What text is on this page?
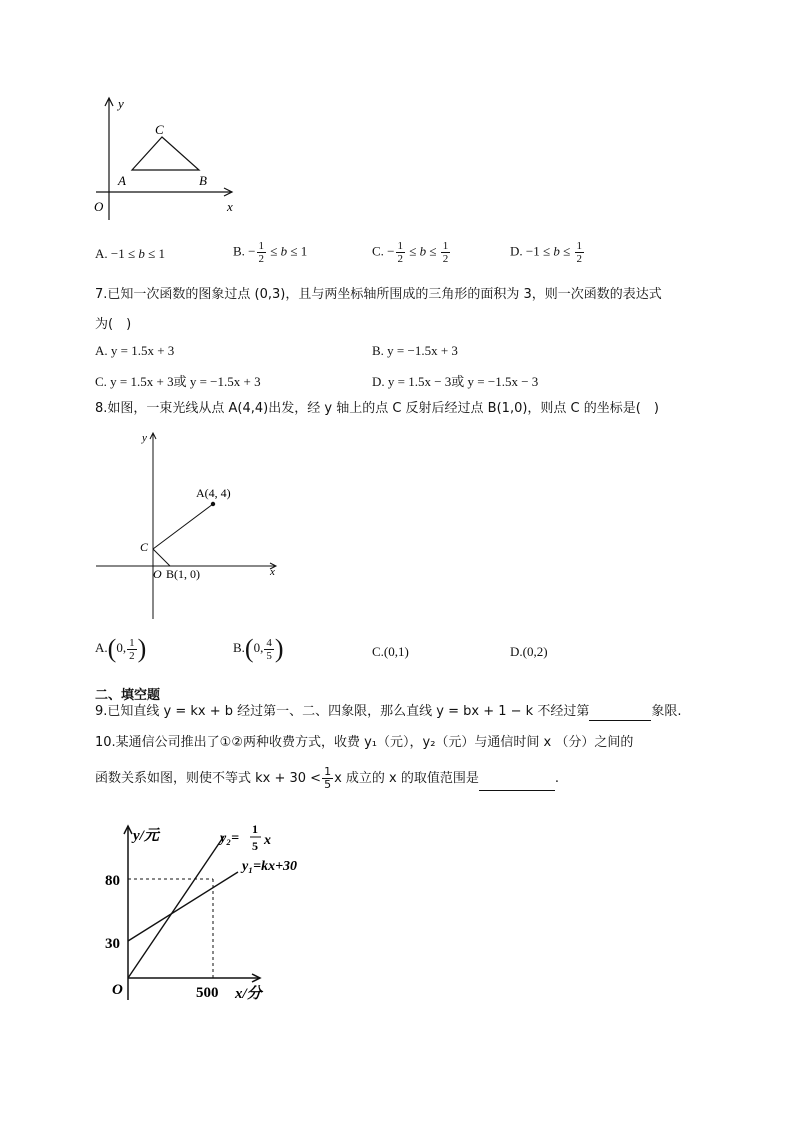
y
x
O
A	B
C
A. −1 ≤ b ≤ 1	B. − $\frac{1}{2} \le b \le 1$	C. − $\frac{1}{2} \le b \le \frac{1}{2}$	D. $-1 \le b \le \frac{1}{2}$
7.已知一次函数的图象过点 (0,3)，且与两坐标轴所围成的三角形的面积为 3，则一次函数的表达式
为(　)
A. y = 1.5x + 3	B. y = −1.5x + 3
C. y = 1.5x + 3或 y = −1.5x + 3	D. y = 1.5x − 3或 y = −1.5x − 3
8.如图，一束光线从点 A(4,4)出发，经 y 轴上的点 C 反射后经过点 B(1,0)，则点 C 的坐标是(　)
y
x
A(4, 4)
C
O B(1, 0)
A.(0, $\frac{1}{2}$ )	B.(0, $\frac{4}{5}$ )	C.(0,1)	D.(0,2)
二、填空题
9.已知直线 y = kx + b 经过第一、二、四象限，那么直线 y = bx + 1 − k 不经过第	象限.
10.某通信公司推出了①②两种收费方式，收费 y₁（元），y₂（元）与通信时间 x （分）之间的
函数关系如图，则使不等式 kx + $30 < \frac{1}{5}$ x 成立的 x 的取值范围是	.
y/元
x/分
O
80
30
500
y₂=
1
5 x
y₁=kx+30
